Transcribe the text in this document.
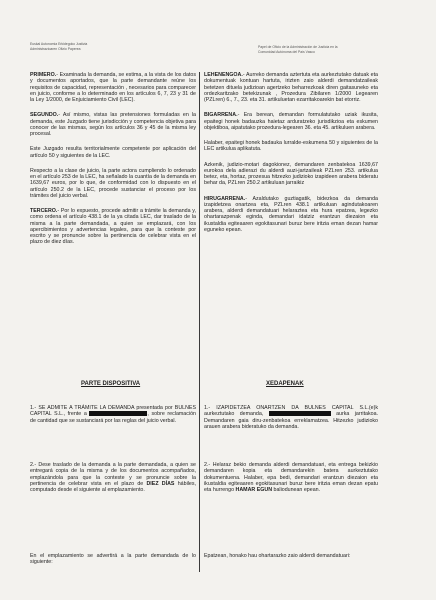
Euskal Autonomia Erkidegoko Justizia
Administrazioaren Ofizio Paperea	Papel de Oficio de la Administración de Justicia en la
Comunidad Autónoma del País Vasco

PRIMERO.- Examinada la demanda, se estima, a la vista de los datos y documentos aportados, que la parte demandante reúne los requisitos de capacidad, representación , necesarios para comparecer en juicio, conforme a lo determinado en los artículos 6, 7, 23 y 31 de la Ley 1/2000, de Enjuiciamiento Civil (LEC).

SEGUNDO.- Así mismo, vistas las pretensiones formuladas en la demanda, este Juzgado tiene jurisdicción y competencia objetiva para conocer de las mismas, según los artículos 36 y 45 de la misma ley procesal.

Este Juzgado resulta territorialmente competente por aplicación del artículo 50 y siguientes de la LEC.

Respecto a la clase de juicio, la parte actora cumpliendo lo ordenado en el artículo 253 de la LEC, ha señalado la cuantía de la demanda en 1639,67 euros, por lo que, de conformidad con lo dispuesto en el artículo 250.2 de la LEC, procede sustanciar el proceso por los trámites del juicio verbal.

TERCERO.- Por lo expuesto, procede admitir a trámite la demanda y, como ordena el artículo 438.1 de la ya citada LEC, dar traslado de la misma a la parte demandada, a quien se emplazará, con los apercibimientos y advertencias legales, para que la conteste por escrito y se pronuncie sobre la pertinencia de celebrar vista en el plazo de diez días.

LEHENENGOA.- Aurreko demanda aztertuta eta aurkeztutako datuak eta dokumentuak kontuan hartuta, irizten zaio alderdi demandatzaileak betetzen dituela judizioan agertzeko beharrezkoak diren gaitasuneko eta ordezkaritzako betekizunak , Prozedura Zibilaren 1/2000 Legearen (PZLren) 6., 7., 23. eta 31. artikuluetan ezarritakoarekin bat etorriz.

BIGARRENA.- Era berean, demandan formulatutako uziak ikusita, epaitegi honek badauzka haietaz arduratzeko jurisdikzioa eta eskumen objektiboa, aipatutako prozedura-legearen 36. eta 45. artikuluen arabera.

Halaber, epaitegi honek badauka lurralde-eskumena 50 y siguientes de la LEC artikulua aplikatuta.

Azkenik, judizio-motari dagokionez, demandaren zenbatekoa 1639,67 eurokoa dela adierazi du alderdi auzi-jartzaileak PZLren 253. artikulua betez, eta, hortaz, prozesua hitzezko judizioko izapideen arabera bideratu behar da, PZLren 250.2 artikuluan jarraikiz

HIRUGARRENA.- Azaldutako guztiagatik, bidezkoa da demanda izapidetzea onartzea eta, PZLren 438.1 artikuluan agindutakoaren arabera, alderdi demandatuari helaraztea eta hura epatzea, legezko ohartarazpenak eginda, demandari idatziz erantzun diezaion eta ikustaldia egiteaaren egokitasunari buruz bere iritzia eman dezan hamar eguneko epean.

PARTE DISPOSITIVA	XEDAPENAK

1.- SE ADMITE A TRÁMITE LA DEMANDA presentada por BULNES CAPITAL S.L., frente a	, sobre reclamación de cantidad que se sustanciará por las reglas del juicio verbal.

2.- Dese traslado de la demanda a la parte demandada, a quien se entregará copia de la misma y de los documentos acompañados, emplazándola para que la conteste y se pronuncie sobre la pertinencia de celebrar vista en el plazo de DIEZ DÍAS hábiles, computado desde el siguiente al emplazamiento.

En el emplazamiento se advertirá a la parte demandada de lo siguiente:

1.- IZAPIDETZEA ONARTZEN DA BULNES CAPITAL S.L.(e)k aurkeztutako demanda,	aurka jarritakoa. Demandaren gaia diru-zenbatekoa erreklamatzea. Hitzezko judizioko arauen arabera bideratuko da demanda.

2.- Helaraz bekio demanda alderdi demandatuari, eta entrega bekizkio demandaren kopia eta demandarekin batera aurkeztutako dokumentuena. Halaber, epa bedi, demandari erantzun diezaion eta ikustaldia egiteaaren egokitasunari buruz bere iritzia eman dezan epatu eta hurrengo HAMAR EGUN baliodunean epean.

Epatzean, honako hau ohartarazko zaio alderdi demandatuari:
